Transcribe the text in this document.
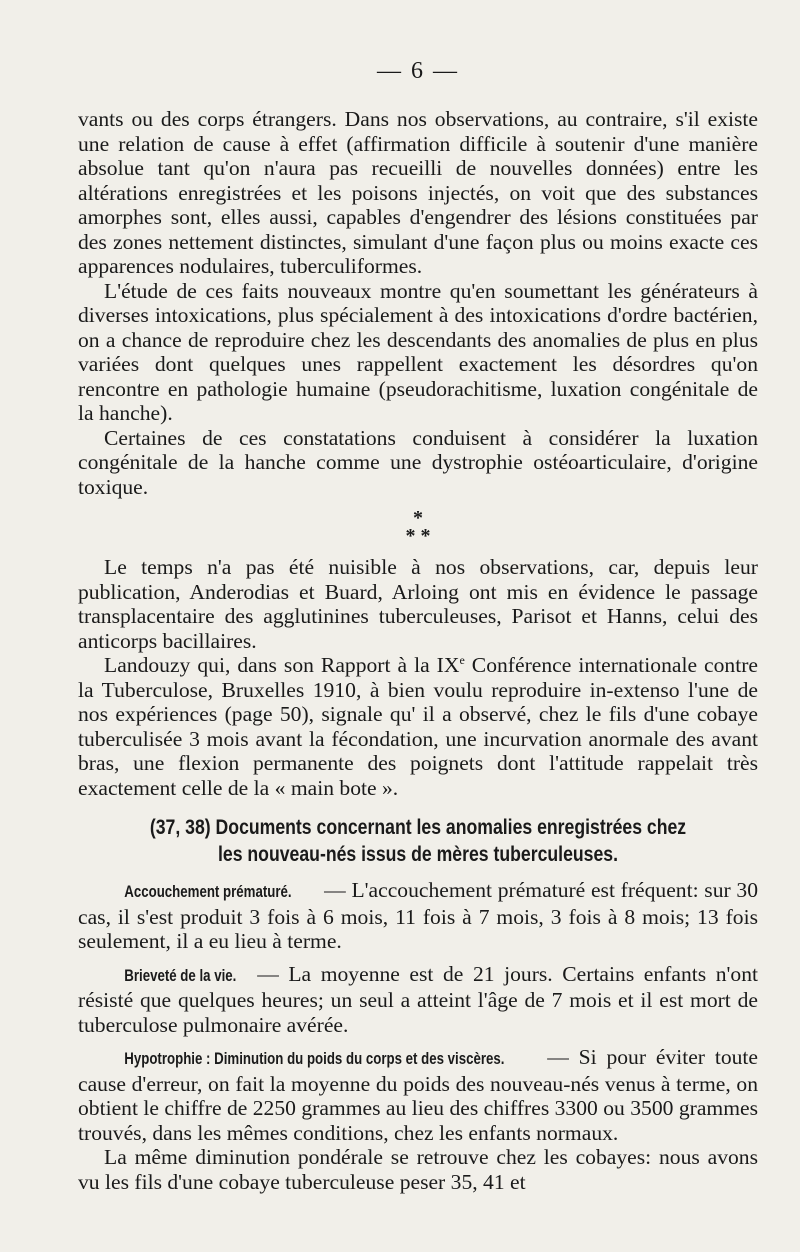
— 6 —

vants ou des corps étrangers. Dans nos observations, au contraire, s'il existe une relation de cause à effet (affirmation difficile à soutenir d'une manière absolue tant qu'on n'aura pas recueilli de nouvelles données) entre les altérations enregistrées et les poisons injectés, on voit que des substances amorphes sont, elles aussi, capables d'engendrer des lésions constituées par des zones nettement distinctes, simulant d'une façon plus ou moins exacte ces apparences nodulaires, tuberculiformes.

L'étude de ces faits nouveaux montre qu'en soumettant les générateurs à diverses intoxications, plus spécialement à des intoxications d'ordre bactérien, on a chance de reproduire chez les descendants des anomalies de plus en plus variées dont quelques unes rappellent exactement les désordres qu'on rencontre en pathologie humaine (pseudorachitisme, luxation congénitale de la hanche).

Certaines de ces constatations conduisent à considérer la luxation congénitale de la hanche comme une dystrophie ostéoarticulaire, d'origine toxique.

*
* *

Le temps n'a pas été nuisible à nos observations, car, depuis leur publication, Anderodias et Buard, Arloing ont mis en évidence le passage transplacentaire des agglutinines tuberculeuses, Parisot et Hanns, celui des anticorps bacillaires.

Landouzy qui, dans son Rapport à la IXe Conférence internationale contre la Tuberculose, Bruxelles 1910, à bien voulu reproduire in-extenso l'une de nos expériences (page 50), signale qu' il a observé, chez le fils d'une cobaye tuberculisée 3 mois avant la fécondation, une incurvation anormale des avant bras, une flexion permanente des poignets dont l'attitude rappelait très exactement celle de la « main bote ».

(37, 38) Documents concernant les anomalies enregistrées chez
les nouveau-nés issus de mères tuberculeuses.

Accouchement prématuré. — L'accouchement prématuré est fréquent: sur 30 cas, il s'est produit 3 fois à 6 mois, 11 fois à 7 mois, 3 fois à 8 mois; 13 fois seulement, il a eu lieu à terme.

Brieveté de la vie. — La moyenne est de 21 jours. Certains enfants n'ont résisté que quelques heures; un seul a atteint l'âge de 7 mois et il est mort de tuberculose pulmonaire avérée.

Hypotrophie : Diminution du poids du corps et des viscères. — Si pour éviter toute cause d'erreur, on fait la moyenne du poids des nouveau-nés venus à terme, on obtient le chiffre de 2250 grammes au lieu des chiffres 3300 ou 3500 grammes trouvés, dans les mêmes conditions, chez les enfants normaux.

La même diminution pondérale se retrouve chez les cobayes: nous avons vu les fils d'une cobaye tuberculeuse peser 35, 41 et
